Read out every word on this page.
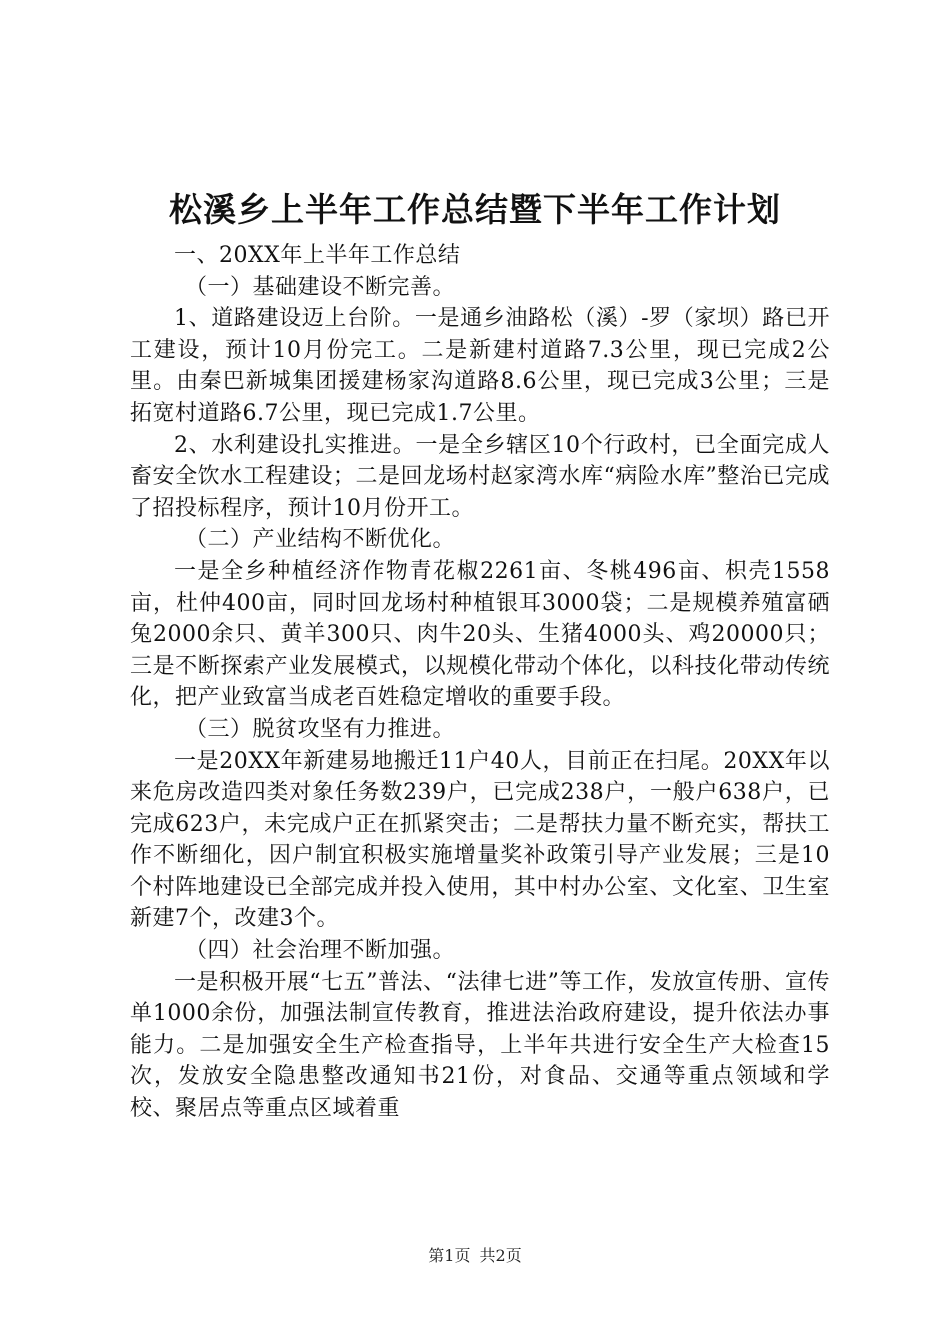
松溪乡上半年工作总结暨下半年工作计划

一、20XX年上半年工作总结

（一）基础建设不断完善。

1、道路建设迈上台阶。一是通乡油路松（溪）-罗（家坝）路已开工建设，预计10月份完工。二是新建村道路7.3公里，现已完成2公里。由秦巴新城集团援建杨家沟道路8.6公里，现已完成3公里；三是拓宽村道路6.7公里，现已完成1.7公里。

2、水利建设扎实推进。一是全乡辖区10个行政村，已全面完成人畜安全饮水工程建设；二是回龙场村赵家湾水库“病险水库”整治已完成了招投标程序，预计10月份开工。

（二）产业结构不断优化。

一是全乡种植经济作物青花椒2261亩、冬桃496亩、枳壳1558亩，杜仲400亩，同时回龙场村种植银耳3000袋；二是规模养殖富硒兔2000余只、黄羊300只、肉牛20头、生猪4000头、鸡20000只；三是不断探索产业发展模式，以规模化带动个体化，以科技化带动传统化，把产业致富当成老百姓稳定增收的重要手段。

（三）脱贫攻坚有力推进。

一是20XX年新建易地搬迁11户40人，目前正在扫尾。20XX年以来危房改造四类对象任务数239户，已完成238户，一般户638户，已完成623户，未完成户正在抓紧突击；二是帮扶力量不断充实，帮扶工作不断细化，因户制宜积极实施增量奖补政策引导产业发展；三是10个村阵地建设已全部完成并投入使用，其中村办公室、文化室、卫生室新建7个，改建3个。

（四）社会治理不断加强。

一是积极开展“七五”普法、“法律七进”等工作，发放宣传册、宣传单1000余份，加强法制宣传教育，推进法治政府建设，提升依法办事能力。二是加强安全生产检查指导，上半年共进行安全生产大检查15次，发放安全隐患整改通知书21份，对食品、交通等重点领域和学校、聚居点等重点区域着重

第1页 共2页
